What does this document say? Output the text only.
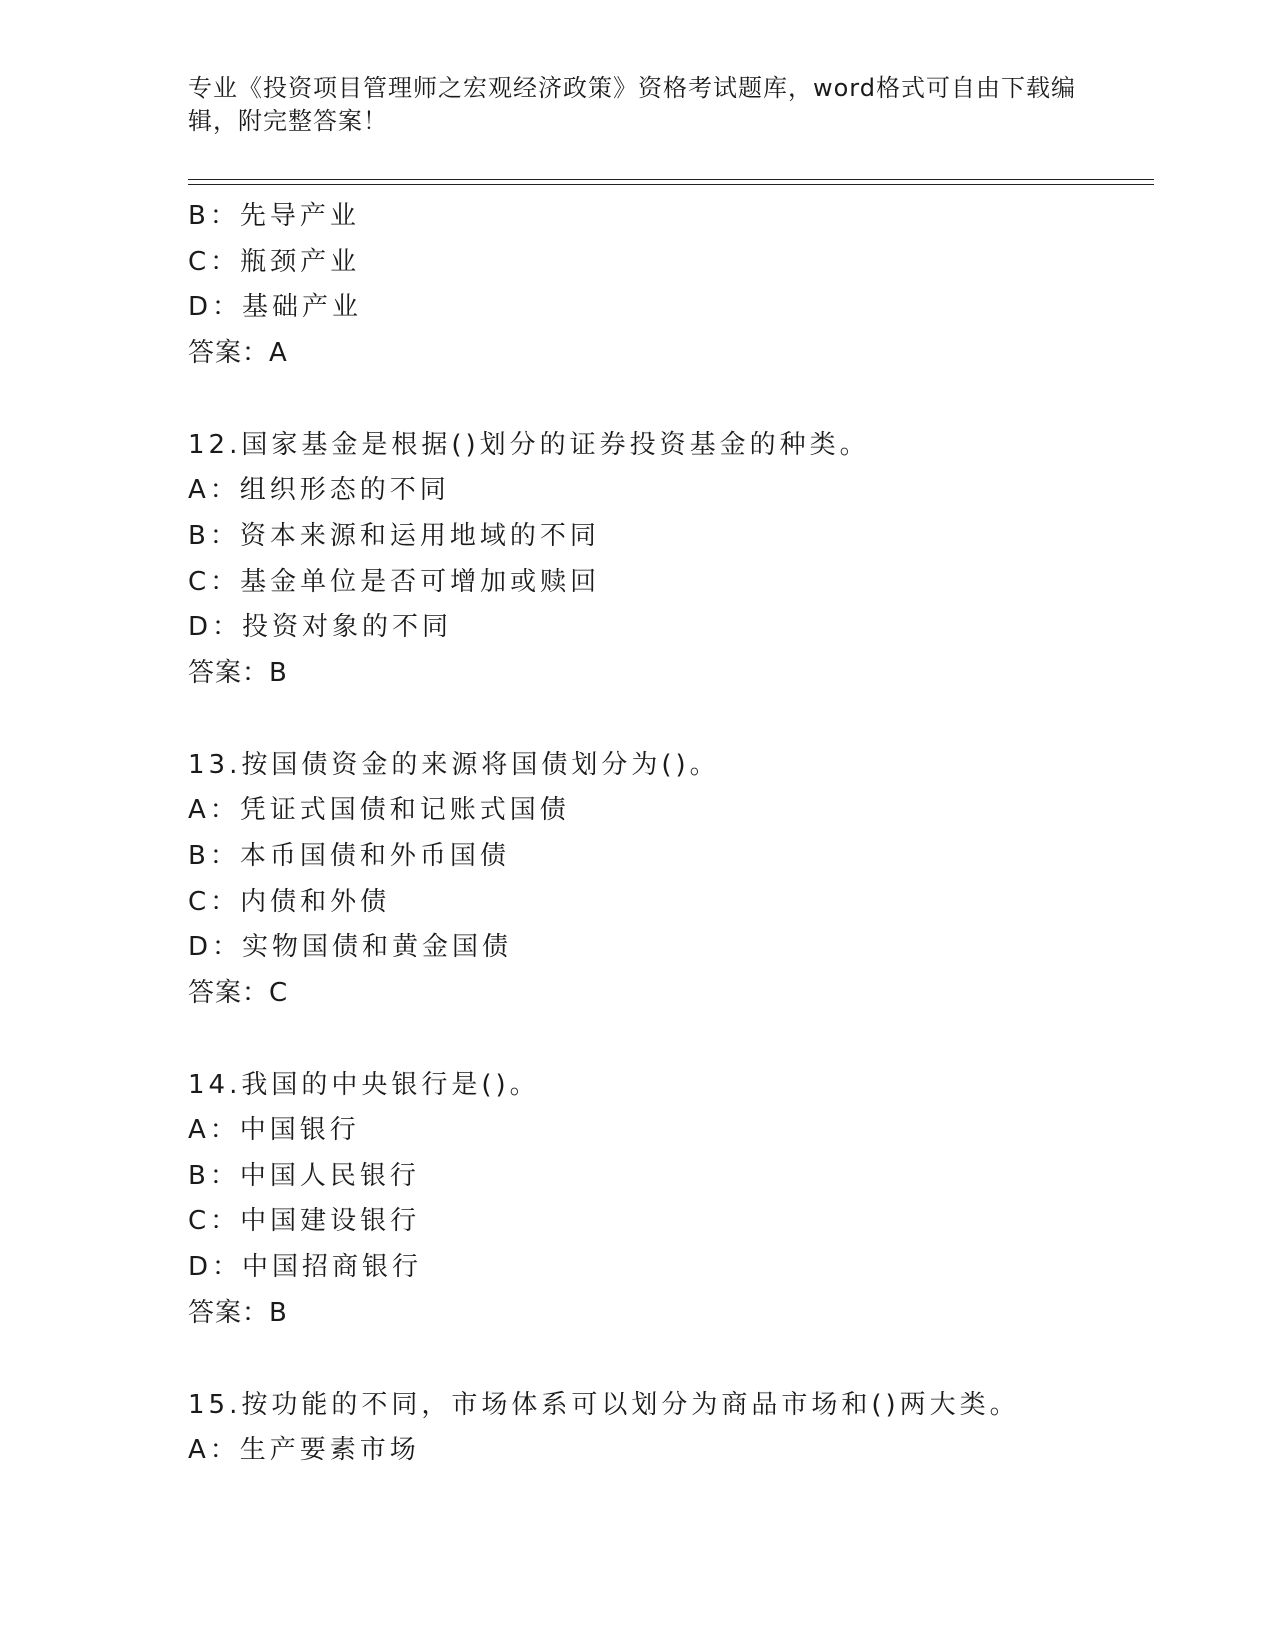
专业《投资项目管理师之宏观经济政策》资格考试题库，word格式可自由下载编
辑，附完整答案！
B：先导产业
C：瓶颈产业
D：基础产业
答案：A
12.国家基金是根据()划分的证券投资基金的种类。
A：组织形态的不同
B：资本来源和运用地域的不同
C：基金单位是否可增加或赎回
D：投资对象的不同
答案：B
13.按国债资金的来源将国债划分为()。
A：凭证式国债和记账式国债
B：本币国债和外币国债
C：内债和外债
D：实物国债和黄金国债
答案：C
14.我国的中央银行是()。
A：中国银行
B：中国人民银行
C：中国建设银行
D：中国招商银行
答案：B
15.按功能的不同，市场体系可以划分为商品市场和()两大类。
A：生产要素市场
